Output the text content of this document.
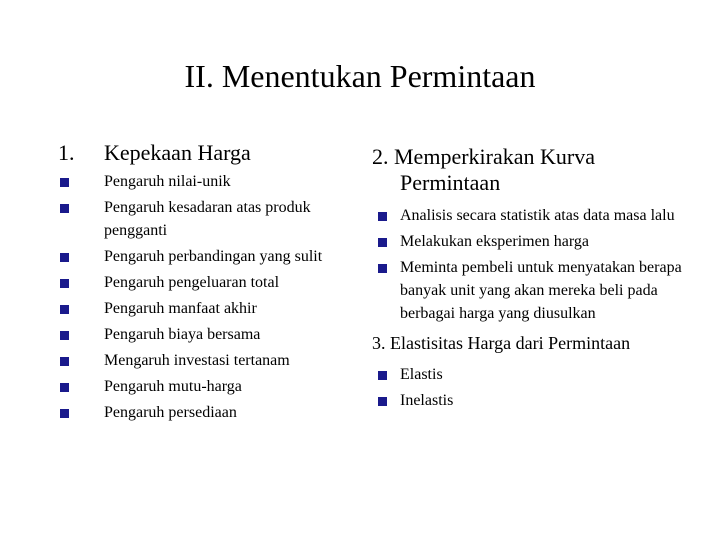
II. Menentukan Permintaan
1. Kepekaan Harga
Pengaruh nilai-unik
Pengaruh kesadaran atas produk pengganti
Pengaruh perbandingan yang sulit
Pengaruh pengeluaran total
Pengaruh manfaat akhir
Pengaruh biaya bersama
Mengaruh investasi tertanam
Pengaruh mutu-harga
Pengaruh persediaan
2. Memperkirakan Kurva Permintaan
Analisis secara statistik atas data masa lalu
Melakukan eksperimen harga
Meminta pembeli untuk menyatakan berapa banyak unit yang akan mereka beli pada berbagai harga yang diusulkan
3. Elastisitas Harga dari Permintaan
Elastis
Inelastis
